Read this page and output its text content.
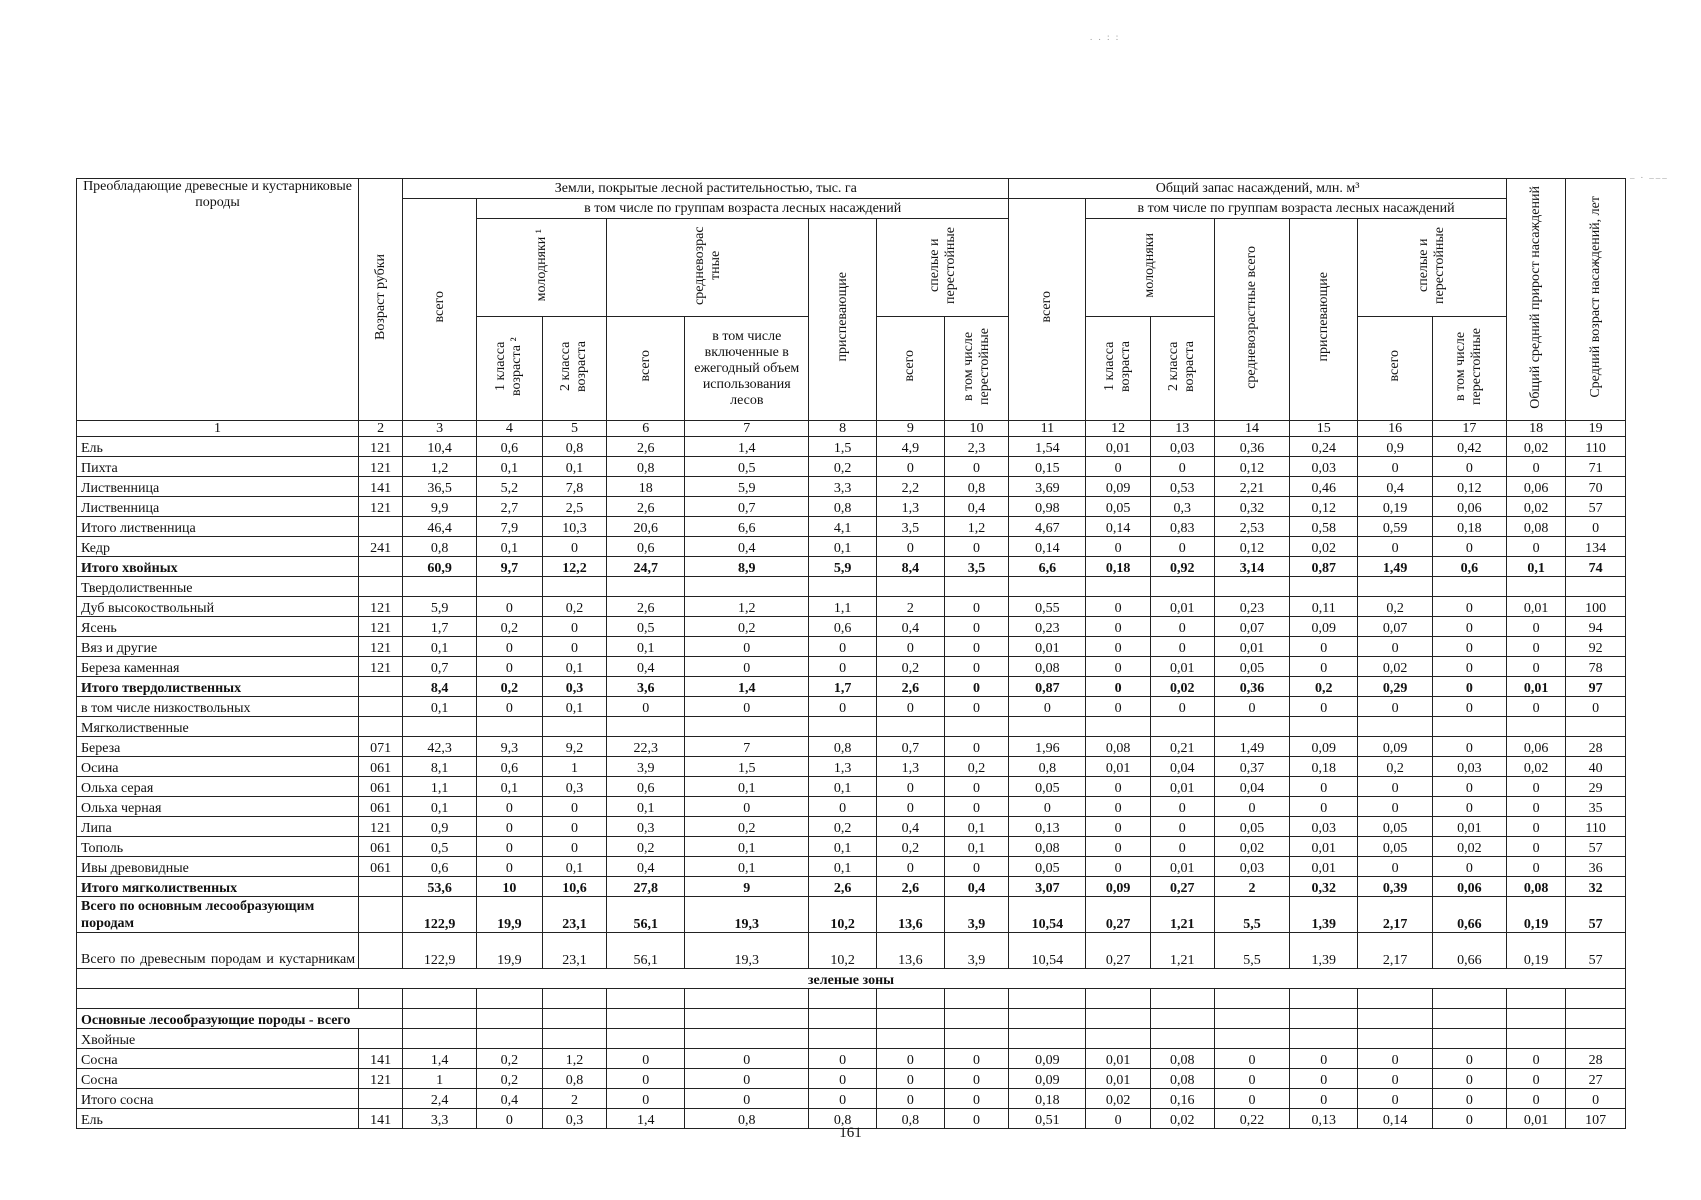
Преобладающие древесные и кустарниковые породы	Возраст рубки	Земли, покрытые лесной растительностью, тыс. га								Общий запас насаждений, млн. м³							Общий средний прирост насаждений	Средний возраст насаждений, лет
		всего	в том числе по группам возраста лесных насаждений							всего	в том числе по группам возраста лесных насаждений							
			молодняки ¹		средневозрас тные		приспевающие	спелые и перестойные			молодняки		средневозрастные всего	приспевающие	спелые и перестойные			
			1 класса возраста ²	2 класса возраста	всего	в том числе включенные в ежегодный объем использования лесов		всего	в том числе перестойные		1 класса возраста	2 класса возраста			всего	в том числе перестойные		
1	2	3	4	5	6	7	8	9	10	11	12	13	14	15	16	17	18	19
Ель	121	10,4	0,6	0,8	2,6	1,4	1,5	4,9	2,3	1,54	0,01	0,03	0,36	0,24	0,9	0,42	0,02	110
Пихта	121	1,2	0,1	0,1	0,8	0,5	0,2	0	0	0,15	0	0	0,12	0,03	0	0	0	71
Лиственница	141	36,5	5,2	7,8	18	5,9	3,3	2,2	0,8	3,69	0,09	0,53	2,21	0,46	0,4	0,12	0,06	70
Лиственница	121	9,9	2,7	2,5	2,6	0,7	0,8	1,3	0,4	0,98	0,05	0,3	0,32	0,12	0,19	0,06	0,02	57
Итого лиственница		46,4	7,9	10,3	20,6	6,6	4,1	3,5	1,2	4,67	0,14	0,83	2,53	0,58	0,59	0,18	0,08	0
Кедр	241	0,8	0,1	0	0,6	0,4	0,1	0	0	0,14	0	0	0,12	0,02	0	0	0	134
Итого хвойных		60,9	9,7	12,2	24,7	8,9	5,9	8,4	3,5	6,6	0,18	0,92	3,14	0,87	1,49	0,6	0,1	74
Твердолиственные																		
Дуб высокоствольный	121	5,9	0	0,2	2,6	1,2	1,1	2	0	0,55	0	0,01	0,23	0,11	0,2	0	0,01	100
Ясень	121	1,7	0,2	0	0,5	0,2	0,6	0,4	0	0,23	0	0	0,07	0,09	0,07	0	0	94
Вяз и другие	121	0,1	0	0	0,1	0	0	0	0	0,01	0	0	0,01	0	0	0	0	92
Береза каменная	121	0,7	0	0,1	0,4	0	0	0,2	0	0,08	0	0,01	0,05	0	0,02	0	0	78
Итого твердолиственных		8,4	0,2	0,3	3,6	1,4	1,7	2,6	0	0,87	0	0,02	0,36	0,2	0,29	0	0,01	97
в том числе низкоствольных		0,1	0	0,1	0	0	0	0	0	0	0	0	0	0	0	0	0	0
Мягколиственные																		
Береза	071	42,3	9,3	9,2	22,3	7	0,8	0,7	0	1,96	0,08	0,21	1,49	0,09	0,09	0	0,06	28
Осина	061	8,1	0,6	1	3,9	1,5	1,3	1,3	0,2	0,8	0,01	0,04	0,37	0,18	0,2	0,03	0,02	40
Ольха серая	061	1,1	0,1	0,3	0,6	0,1	0,1	0	0	0,05	0	0,01	0,04	0	0	0	0	29
Ольха черная	061	0,1	0	0	0,1	0	0	0	0	0	0	0	0	0	0	0	0	35
Липа	121	0,9	0	0	0,3	0,2	0,2	0,4	0,1	0,13	0	0	0,05	0,03	0,05	0,01	0	110
Тополь	061	0,5	0	0	0,2	0,1	0,1	0,2	0,1	0,08	0	0	0,02	0,01	0,05	0,02	0	57
Ивы древовидные	061	0,6	0	0,1	0,4	0,1	0,1	0	0	0,05	0	0,01	0,03	0,01	0	0	0	36
Итого мягколиственных		53,6	10	10,6	27,8	9	2,6	2,6	0,4	3,07	0,09	0,27	2	0,32	0,39	0,06	0,08	32
Всего по основным лесообразующим породам		122,9	19,9	23,1	56,1	19,3	10,2	13,6	3,9	10,54	0,27	1,21	5,5	1,39	2,17	0,66	0,19	57
Всего по древесным породам и кустарникам		122,9	19,9	23,1	56,1	19,3	10,2	13,6	3,9	10,54	0,27	1,21	5,5	1,39	2,17	0,66	0,19	57
зеленые зоны																		

Основные лесообразующие породы - всего																		
Хвойные																		
Сосна	141	1,4	0,2	1,2	0	0	0	0	0	0,09	0,01	0,08	0	0	0	0	0	28
Сосна	121	1	0,2	0,8	0	0	0	0	0	0,09	0,01	0,08	0	0	0	0	0	27
Итого сосна		2,4	0,4	2	0	0	0	0	0	0,18	0,02	0,16	0	0	0	0	0	0
Ель	141	3,3	0	0,3	1,4	0,8	0,8	0,8	0	0,51	0	0,02	0,22	0,13	0,14	0	0,01	107
161
. . : :
_ . ___
